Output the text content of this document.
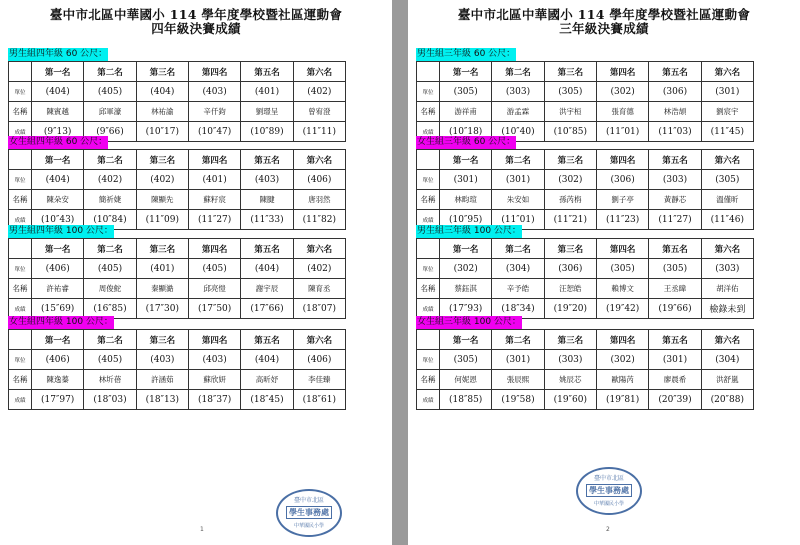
臺中市北區中華國小 114 學年度學校暨社區運動會
四年級決賽成績
男生組四年級 60 公尺：
	第一名	第二名	第三名	第四名	第五名	第六名
單位	(404)	(405)	(404)	(403)	(401)	(402)
名稱	陳賓越	邱軍濠	林祐諭	辛仟鈞	劉璟呈	曾宥澄
成績	(9″13)	(9″66)	(10″17)	(10″47)	(10″89)	(11″11)
女生組四年級 60 公尺：
	第一名	第二名	第三名	第四名	第五名	第六名
單位	(404)	(402)	(402)	(401)	(403)	(406)
名稱	陳朵安	簡祈婕	陳顯先	蘇籽宸	陳腱	唐羽然
成績	(10″43)	(10″84)	(11″09)	(11″27)	(11″33)	(11″82)
男生組四年級 100 公尺：
	第一名	第二名	第三名	第四名	第五名	第六名
單位	(406)	(405)	(401)	(405)	(404)	(402)
名稱	許祐睿	周俊鮀	秦顯澔	邱亮愷	謝宇辰	陳育丞
成績	(15″69)	(16″85)	(17″30)	(17″50)	(17″66)	(18″07)
女生組四年級 100 公尺：
	第一名	第二名	第三名	第四名	第五名	第六名
單位	(406)	(405)	(403)	(403)	(404)	(406)
名稱	陳逸蓁	林圻蓓	許涵茹	蘇欣妍	高昕妤	李佳臻
成績	(17″97)	(18″03)	(18″13)	(18″37)	(18″45)	(18″61)
臺中市北區
學生事務處
中華國民小學
1
臺中市北區中華國小 114 學年度學校暨社區運動會
三年級決賽成績
男生組三年級 60 公尺：
	第一名	第二名	第三名	第四名	第五名	第六名
單位	(305)	(303)	(305)	(302)	(306)	(301)
名稱	游祥甫	游孟霖	洪宇桓	張育德	林浩頡	劉宸宇
成績	(10″18)	(10″40)	(10″85)	(11″01)	(11″03)	(11″45)
女生組三年級 60 公尺：
	第一名	第二名	第三名	第四名	第五名	第六名
單位	(301)	(301)	(302)	(306)	(303)	(305)
名稱	林畇瑄	朱安如	孫芮栴	劉子亭	黃靜芯	溫僅昕
成績	(10″95)	(11″01)	(11″21)	(11″23)	(11″27)	(11″46)
男生組三年級 100 公尺：
	第一名	第二名	第三名	第四名	第五名	第六名
單位	(302)	(304)	(306)	(305)	(305)	(303)
名稱	蔡鈺淇	辛予皓	汪恕皓	賴博文	王丞暐	胡洋佑
成績	(17″93)	(18″34)	(19″20)	(19″42)	(19″66)	檢錄未到
女生組三年級 100 公尺：
	第一名	第二名	第三名	第四名	第五名	第六名
單位	(305)	(301)	(303)	(302)	(301)	(304)
名稱	何妮恩	張辰熙	姚辰芯	歐陽芮	廖晨希	洪舒嵐
成績	(18″85)	(19″58)	(19″60)	(19″81)	(20″39)	(20″88)
臺中市北區
學生事務處
中華國民小學
2
